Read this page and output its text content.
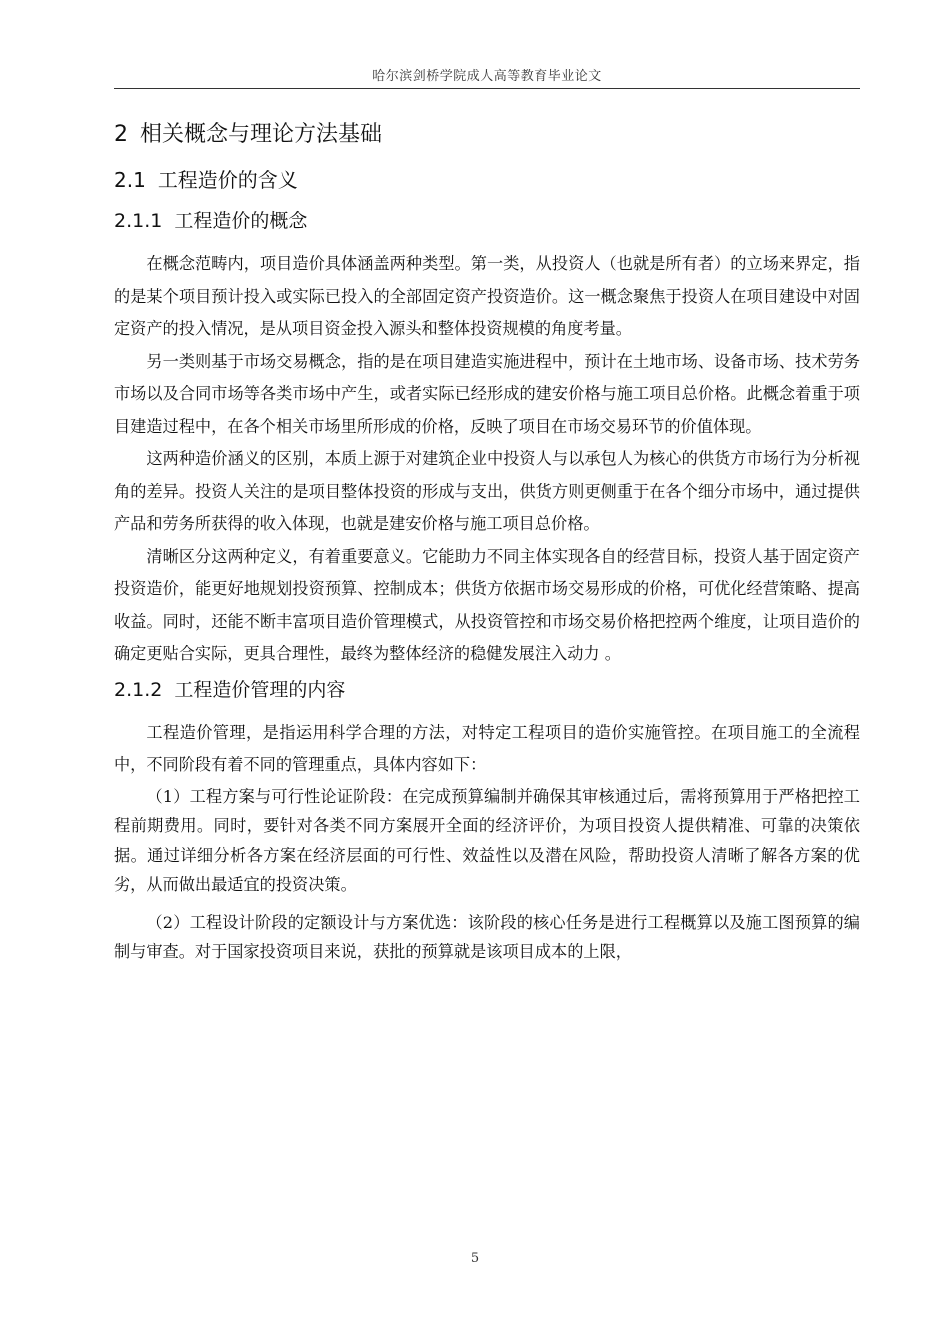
哈尔滨剑桥学院成人高等教育毕业论文
2 相关概念与理论方法基础
2.1 工程造价的含义
2.1.1 工程造价的概念

在概念范畴内，项目造价具体涵盖两种类型。第一类，从投资人（也就是所有者）的立场来界定，指的是某个项目预计投入或实际已投入的全部固定资产投资造价。这一概念聚焦于投资人在项目建设中对固定资产的投入情况，是从项目资金投入源头和整体投资规模的角度考量。

另一类则基于市场交易概念，指的是在项目建造实施进程中，预计在土地市场、设备市场、技术劳务市场以及合同市场等各类市场中产生，或者实际已经形成的建安价格与施工项目总价格。此概念着重于项目建造过程中，在各个相关市场里所形成的价格，反映了项目在市场交易环节的价值体现。

这两种造价涵义的区别，本质上源于对建筑企业中投资人与以承包人为核心的供货方市场行为分析视角的差异。投资人关注的是项目整体投资的形成与支出，供货方则更侧重于在各个细分市场中，通过提供产品和劳务所获得的收入体现，也就是建安价格与施工项目总价格。

清晰区分这两种定义，有着重要意义。它能助力不同主体实现各自的经营目标，投资人基于固定资产投资造价，能更好地规划投资预算、控制成本；供货方依据市场交易形成的价格，可优化经营策略、提高收益。同时，还能不断丰富项目造价管理模式，从投资管控和市场交易价格把控两个维度，让项目造价的确定更贴合实际，更具合理性，最终为整体经济的稳健发展注入动力 。

2.1.2 工程造价管理的内容

工程造价管理，是指运用科学合理的方法，对特定工程项目的造价实施管控。在项目施工的全流程中，不同阶段有着不同的管理重点，具体内容如下：

（1）工程方案与可行性论证阶段：在完成预算编制并确保其审核通过后，需将预算用于严格把控工程前期费用。同时，要针对各类不同方案展开全面的经济评价，为项目投资人提供精准、可靠的决策依据。通过详细分析各方案在经济层面的可行性、效益性以及潜在风险，帮助投资人清晰了解各方案的优劣，从而做出最适宜的投资决策。

（2）工程设计阶段的定额设计与方案优选：该阶段的核心任务是进行工程概算以及施工图预算的编制与审查。对于国家投资项目来说，获批的预算就是该项目成本的上限，

5
